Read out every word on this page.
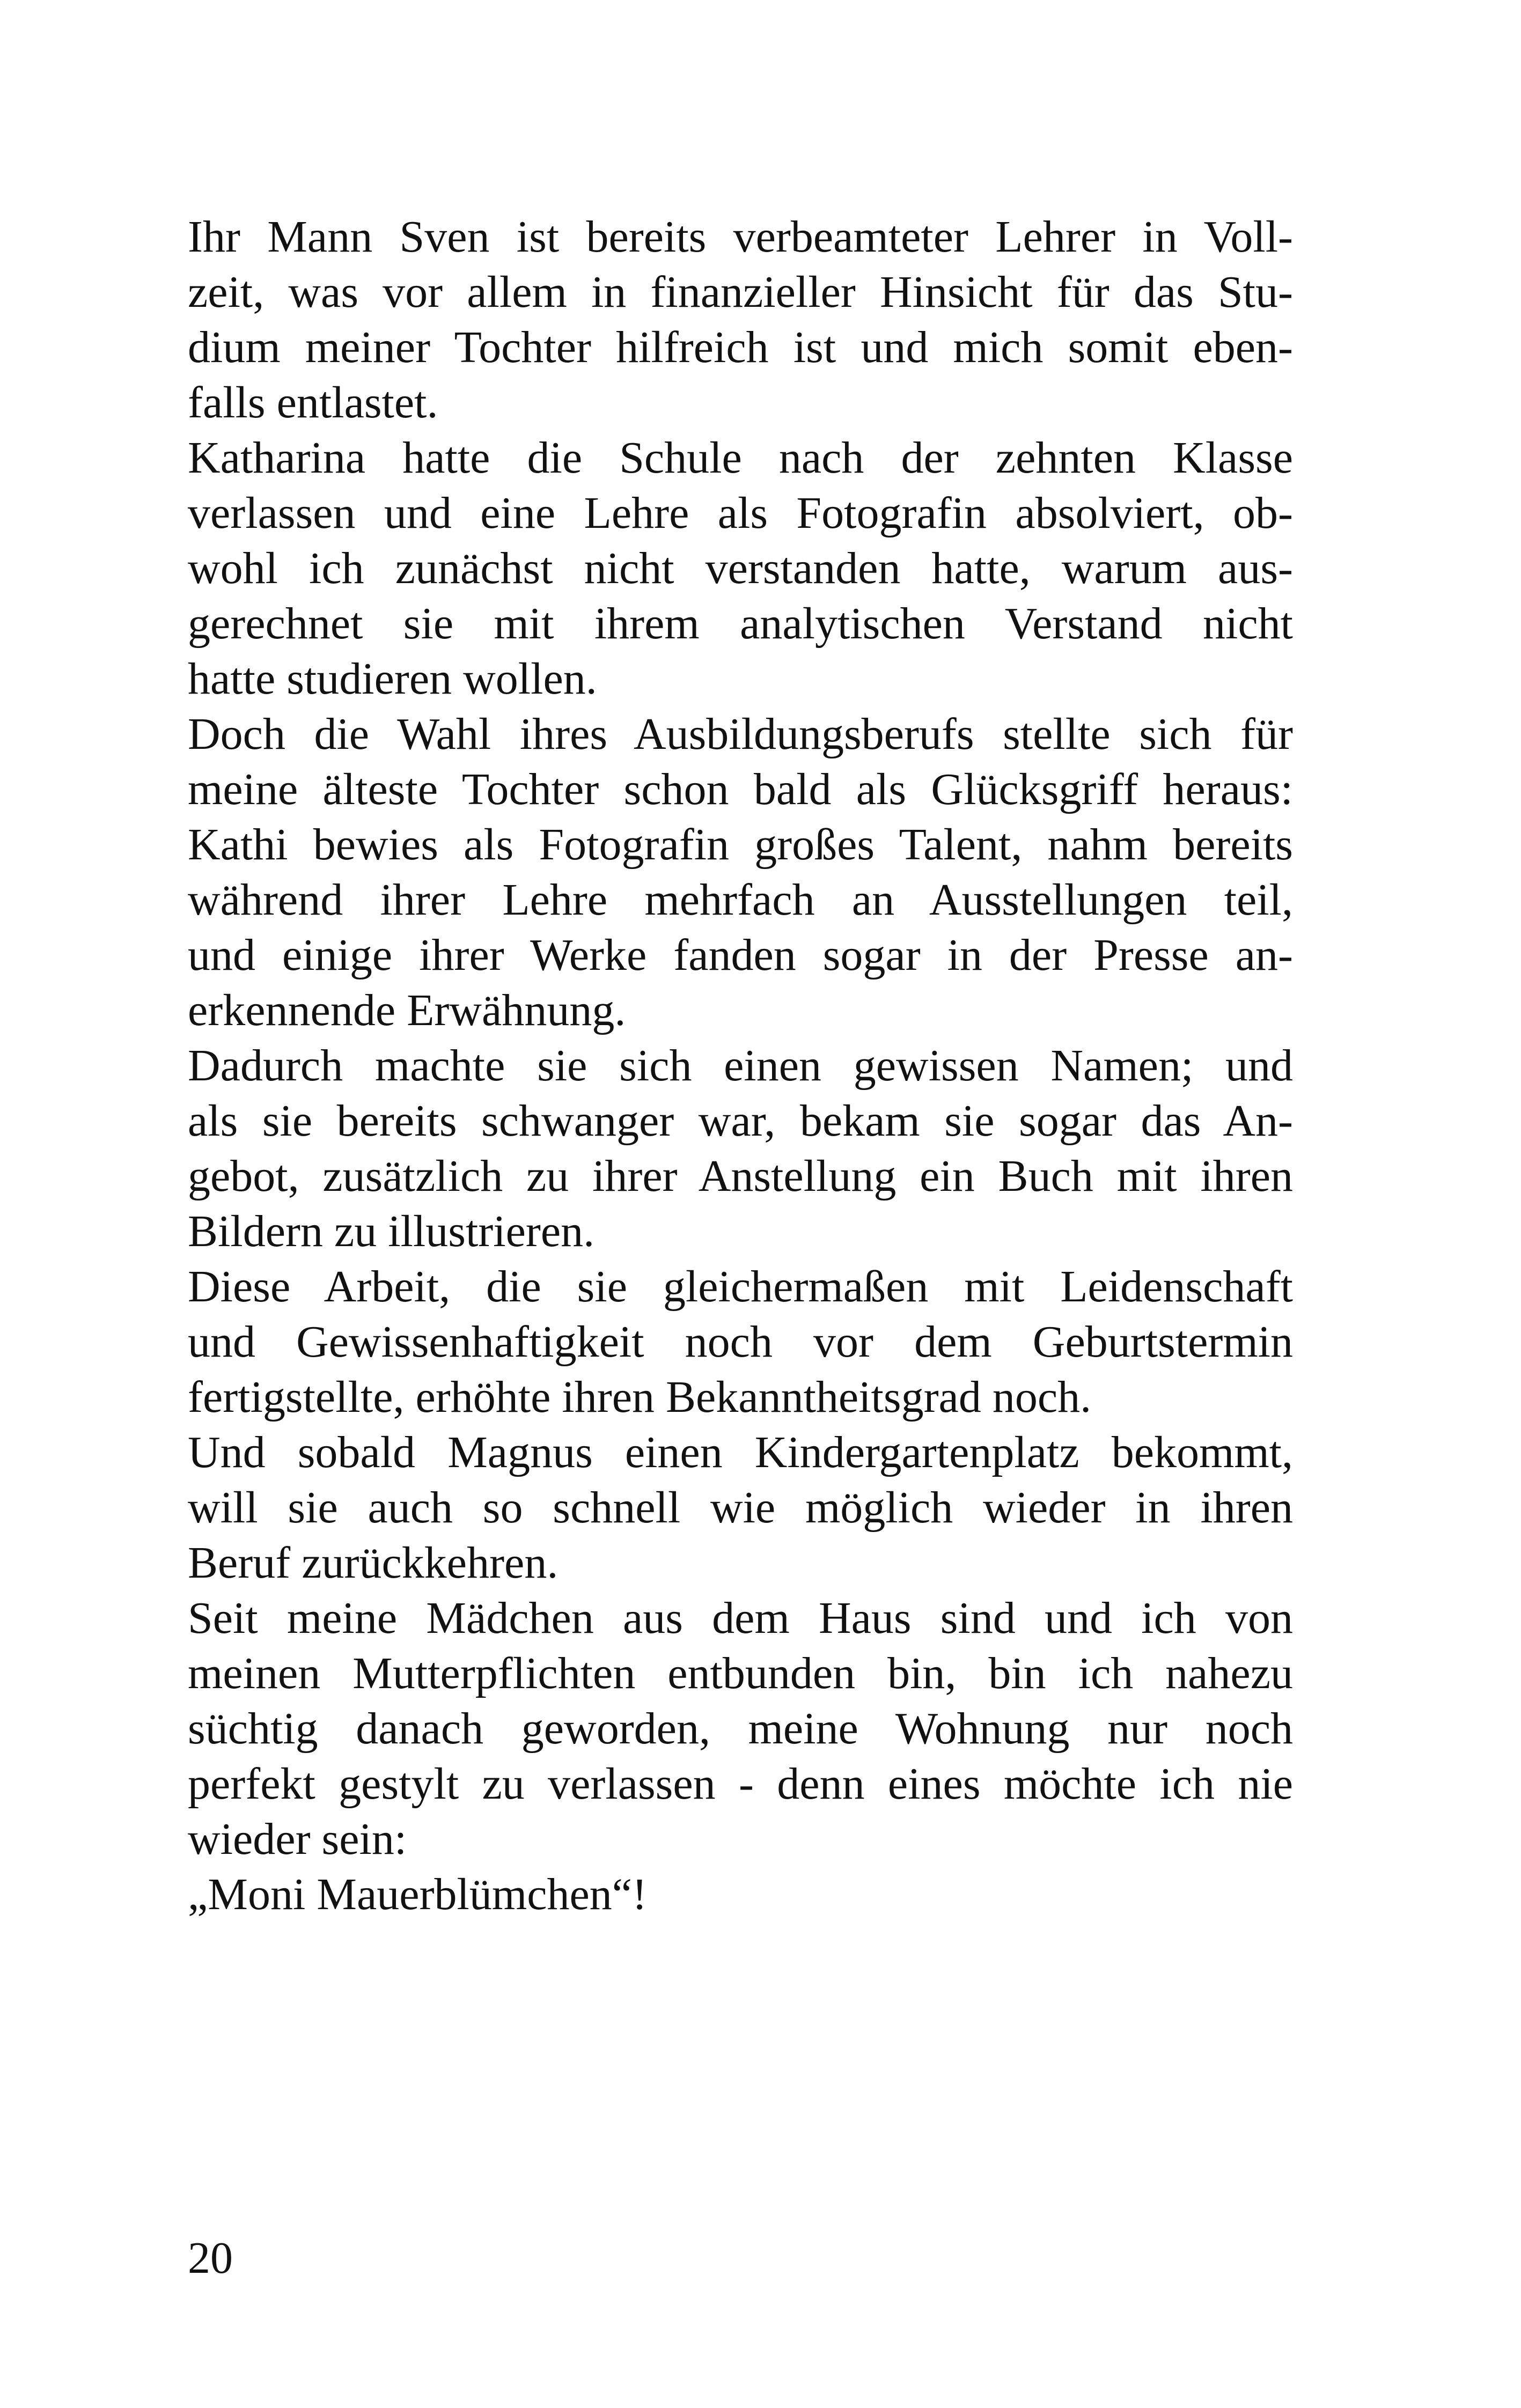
Ihr Mann Sven ist bereits verbeamteter Lehrer in Voll-
zeit, was vor allem in finanzieller Hinsicht für das Stu-
dium meiner Tochter hilfreich ist und mich somit eben-
falls entlastet.

Katharina hatte die Schule nach der zehnten Klasse
verlassen und eine Lehre als Fotografin absolviert, ob-
wohl ich zunächst nicht verstanden hatte, warum aus-
gerechnet sie mit ihrem analytischen Verstand nicht
hatte studieren wollen.

Doch die Wahl ihres Ausbildungsberufs stellte sich für
meine älteste Tochter schon bald als Glücksgriff heraus:
Kathi bewies als Fotografin großes Talent, nahm bereits
während ihrer Lehre mehrfach an Ausstellungen teil,
und einige ihrer Werke fanden sogar in der Presse an-
erkennende Erwähnung.

Dadurch machte sie sich einen gewissen Namen; und
als sie bereits schwanger war, bekam sie sogar das An-
gebot, zusätzlich zu ihrer Anstellung ein Buch mit ihren
Bildern zu illustrieren.

Diese Arbeit, die sie gleichermaßen mit Leidenschaft
und Gewissenhaftigkeit noch vor dem Geburtstermin
fertigstellte, erhöhte ihren Bekanntheitsgrad noch.

Und sobald Magnus einen Kindergartenplatz bekommt,
will sie auch so schnell wie möglich wieder in ihren
Beruf zurückkehren.

Seit meine Mädchen aus dem Haus sind und ich von
meinen Mutterpflichten entbunden bin, bin ich nahezu
süchtig danach geworden, meine Wohnung nur noch
perfekt gestylt zu verlassen - denn eines möchte ich nie
wieder sein:

„Moni Mauerblümchen“!

20
